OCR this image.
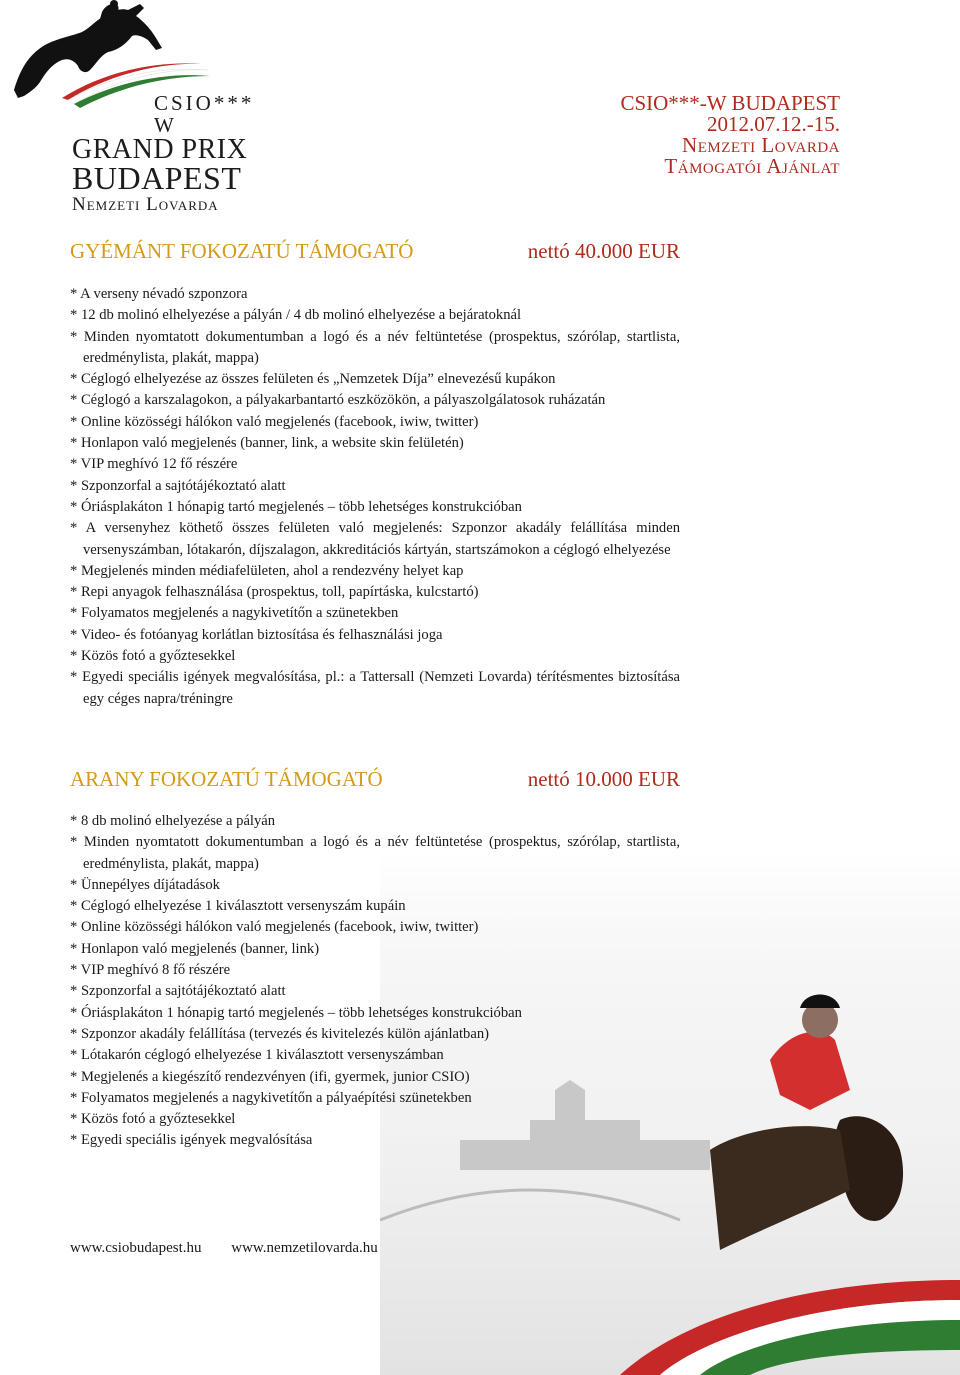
CSIO*** W
GRAND PRIX
BUDAPEST
Nemzeti Lovarda
CSIO***-W BUDAPEST
2012.07.12.-15.
Nemzeti Lovarda
Támogatói Ajánlat
GYÉMÁNT FOKOZATÚ TÁMOGATÓ	nettó 40.000 EUR
* A verseny névadó szponzora
* 12 db molinó elhelyezése a pályán / 4 db molinó elhelyezése a bejáratoknál
* Minden nyomtatott dokumentumban a logó és a név feltüntetése (prospektus, szórólap, startlista, eredménylista, plakát, mappa)
* Céglogó elhelyezése az összes felületen és „Nemzetek Díja” elnevezésű kupákon
* Céglogó a karszalagokon, a pályakarbantartó eszközökön, a pályaszolgálatosok ruházatán
* Online közösségi hálókon való megjelenés (facebook, iwiw, twitter)
* Honlapon való megjelenés (banner, link, a website skin felületén)
* VIP meghívó 12 fő részére
* Szponzorfal a sajtótájékoztató alatt
* Óriásplakáton 1 hónapig tartó megjelenés – több lehetséges konstrukcióban
* A versenyhez köthető összes felületen való megjelenés: Szponzor akadály felállítása minden versenyszámban, lótakarón, díjszalagon, akkreditációs kártyán, startszámokon a céglogó elhelyezése
* Megjelenés minden médiafelületen, ahol a rendezvény helyet kap
* Repi anyagok felhasználása (prospektus, toll, papírtáska, kulcstartó)
* Folyamatos megjelenés a nagykivetítőn a szünetekben
* Video- és fotóanyag korlátlan biztosítása és felhasználási joga
* Közös fotó a győztesekkel
* Egyedi speciális igények megvalósítása, pl.: a Tattersall (Nemzeti Lovarda) térítésmentes biztosítása egy céges napra/tréningre
ARANY FOKOZATÚ TÁMOGATÓ	nettó 10.000 EUR
* 8 db molinó elhelyezése a pályán
* Minden nyomtatott dokumentumban a logó és a név feltüntetése (prospektus, szórólap, startlista, eredménylista, plakát, mappa)
* Ünnepélyes díjátadások
* Céglogó elhelyezése 1 kiválasztott versenyszám kupáin
* Online közösségi hálókon való megjelenés (facebook, iwiw, twitter)
* Honlapon való megjelenés (banner, link)
* VIP meghívó 8 fő részére
* Szponzorfal a sajtótájékoztató alatt
* Óriásplakáton 1 hónapig tartó megjelenés – több lehetséges konstrukcióban
* Szponzor akadály felállítása (tervezés és kivitelezés külön ajánlatban)
* Lótakarón céglogó elhelyezése 1 kiválasztott versenyszámban
* Megjelenés a kiegészítő rendezvényen (ifi, gyermek, junior CSIO)
* Folyamatos megjelenés a nagykivetítőn a pályaépítési szünetekben
* Közös fotó a győztesekkel
* Egyedi speciális igények megvalósítása
www.csiobudapest.hu www.nemzetilovarda.hu
